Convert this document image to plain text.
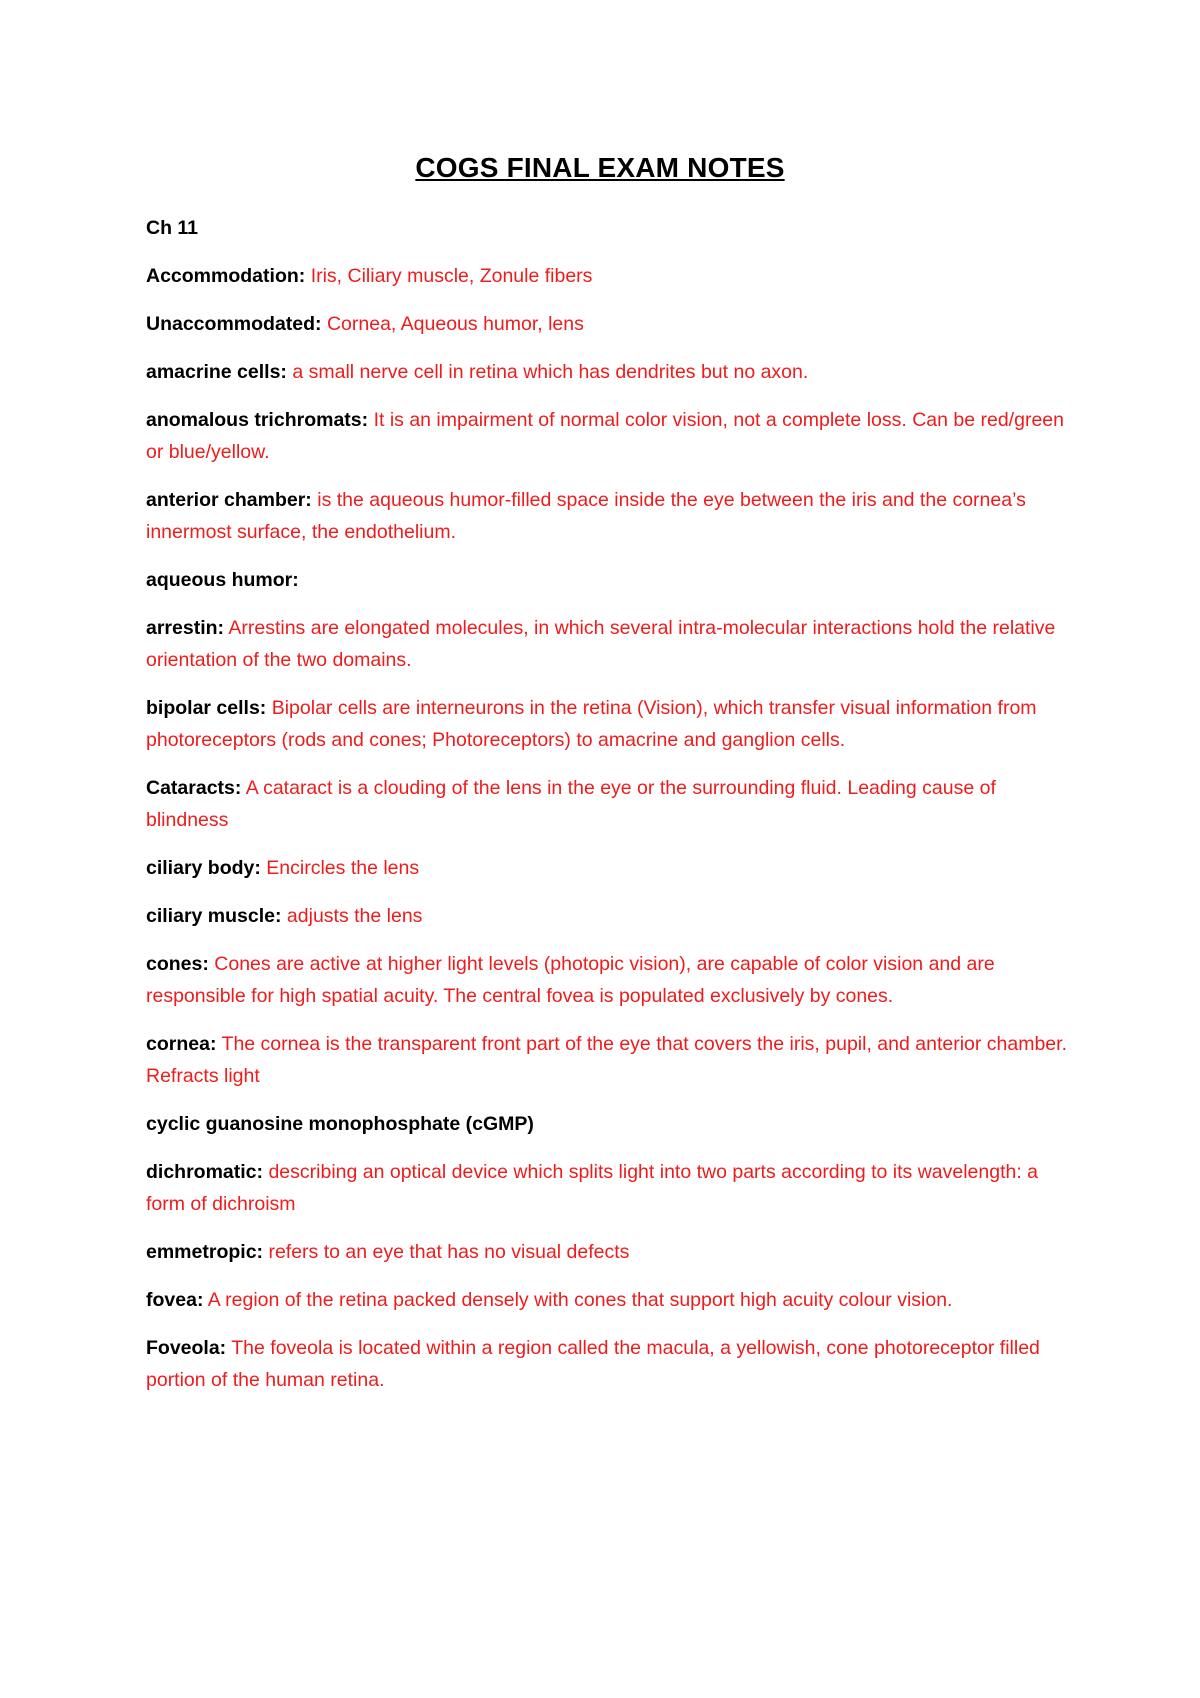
COGS FINAL EXAM NOTES
Ch 11
Accommodation: Iris, Ciliary muscle, Zonule fibers
Unaccommodated: Cornea, Aqueous humor, lens
amacrine cells: a small nerve cell in retina which has dendrites but no axon.
anomalous trichromats: It is an impairment of normal color vision, not a complete loss. Can be red/green or blue/yellow.
anterior chamber: is the aqueous humor-filled space inside the eye between the iris and the cornea’s innermost surface, the endothelium.
aqueous humor:
arrestin: Arrestins are elongated molecules, in which several intra-molecular interactions hold the relative orientation of the two domains.
bipolar cells: Bipolar cells are interneurons in the retina (Vision), which transfer visual information from photoreceptors (rods and cones; Photoreceptors) to amacrine and ganglion cells.
Cataracts: A cataract is a clouding of the lens in the eye or the surrounding fluid. Leading cause of blindness
ciliary body: Encircles the lens
ciliary muscle: adjusts the lens
cones: Cones are active at higher light levels (photopic vision), are capable of color vision and are responsible for high spatial acuity. The central fovea is populated exclusively by cones.
cornea: The cornea is the transparent front part of the eye that covers the iris, pupil, and anterior chamber. Refracts light
cyclic guanosine monophosphate (cGMP)
dichromatic: describing an optical device which splits light into two parts according to its wavelength: a form of dichroism
emmetropic: refers to an eye that has no visual defects
fovea: A region of the retina packed densely with cones that support high acuity colour vision.
Foveola: The foveola is located within a region called the macula, a yellowish, cone photoreceptor filled portion of the human retina.
